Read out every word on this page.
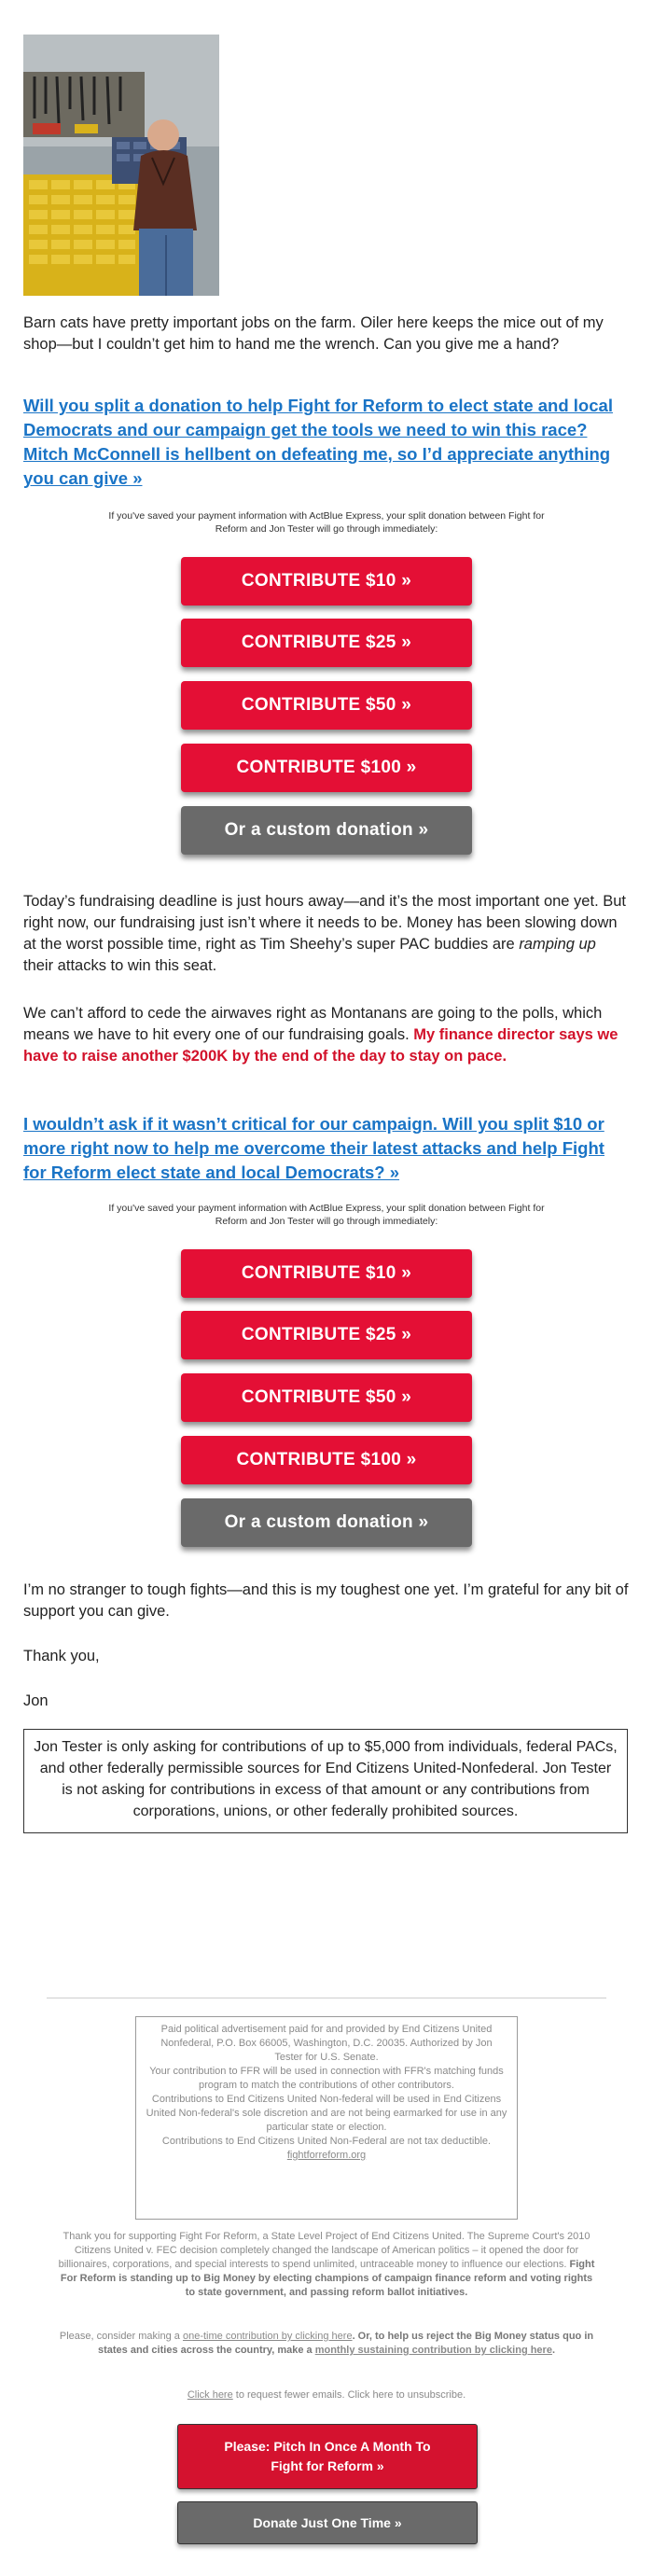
Barn cats have pretty important jobs on the farm. Oiler here keeps the mice out of my shop—but I couldn’t get him to hand me the wrench. Can you give me a hand?

Will you split a donation to help Fight for Reform to elect state and local Democrats and our campaign get the tools we need to win this race? Mitch McConnell is hellbent on defeating me, so I’d appreciate anything you can give »

If you've saved your payment information with ActBlue Express, your split donation between Fight for Reform and Jon Tester will go through immediately:
CONTRIBUTE $10 »
CONTRIBUTE $25 »
CONTRIBUTE $50 »
CONTRIBUTE $100 »
Or a custom donation »

Today’s fundraising deadline is just hours away—and it’s the most important one yet. But right now, our fundraising just isn’t where it needs to be. Money has been slowing down at the worst possible time, right as Tim Sheehy’s super PAC buddies are ramping up their attacks to win this seat.

We can’t afford to cede the airwaves right as Montanans are going to the polls, which means we have to hit every one of our fundraising goals. My finance director says we have to raise another $200K by the end of the day to stay on pace.

I wouldn’t ask if it wasn’t critical for our campaign. Will you split $10 or more right now to help me overcome their latest attacks and help Fight for Reform elect state and local Democrats? »

If you've saved your payment information with ActBlue Express, your split donation between Fight for Reform and Jon Tester will go through immediately:
CONTRIBUTE $10 »
CONTRIBUTE $25 »
CONTRIBUTE $50 »
CONTRIBUTE $100 »
Or a custom donation »

I’m no stranger to tough fights—and this is my toughest one yet. I’m grateful for any bit of support you can give.

Thank you,

Jon

Jon Tester is only asking for contributions of up to $5,000 from individuals, federal PACs, and other federally permissible sources for End Citizens United-Nonfederal. Jon Tester is not asking for contributions in excess of that amount or any contributions from corporations, unions, or other federally prohibited sources.
Paid political advertisement paid for and provided by End Citizens United Nonfederal, P.O. Box 66005, Washington, D.C. 20035. Authorized by Jon Tester for U.S. Senate.
Your contribution to FFR will be used in connection with FFR's matching funds program to match the contributions of other contributors.
Contributions to End Citizens United Non-federal will be used in End Citizens United Non-federal's sole discretion and are not being earmarked for use in any particular state or election.
Contributions to End Citizens United Non-Federal are not tax deductible.
fightforreform.org
Thank you for supporting Fight For Reform, a State Level Project of End Citizens United. The Supreme Court's 2010 Citizens United v. FEC decision completely changed the landscape of American politics – it opened the door for billionaires, corporations, and special interests to spend unlimited, untraceable money to influence our elections. Fight For Reform is standing up to Big Money by electing champions of campaign finance reform and voting rights to state government, and passing reform ballot initiatives.
Please, consider making a one-time contribution by clicking here. Or, to help us reject the Big Money status quo in states and cities across the country, make a monthly sustaining contribution by clicking here.
Click here to request fewer emails. Click here to unsubscribe.
Please: Pitch In Once A Month To Fight for Reform »
Donate Just One Time »
